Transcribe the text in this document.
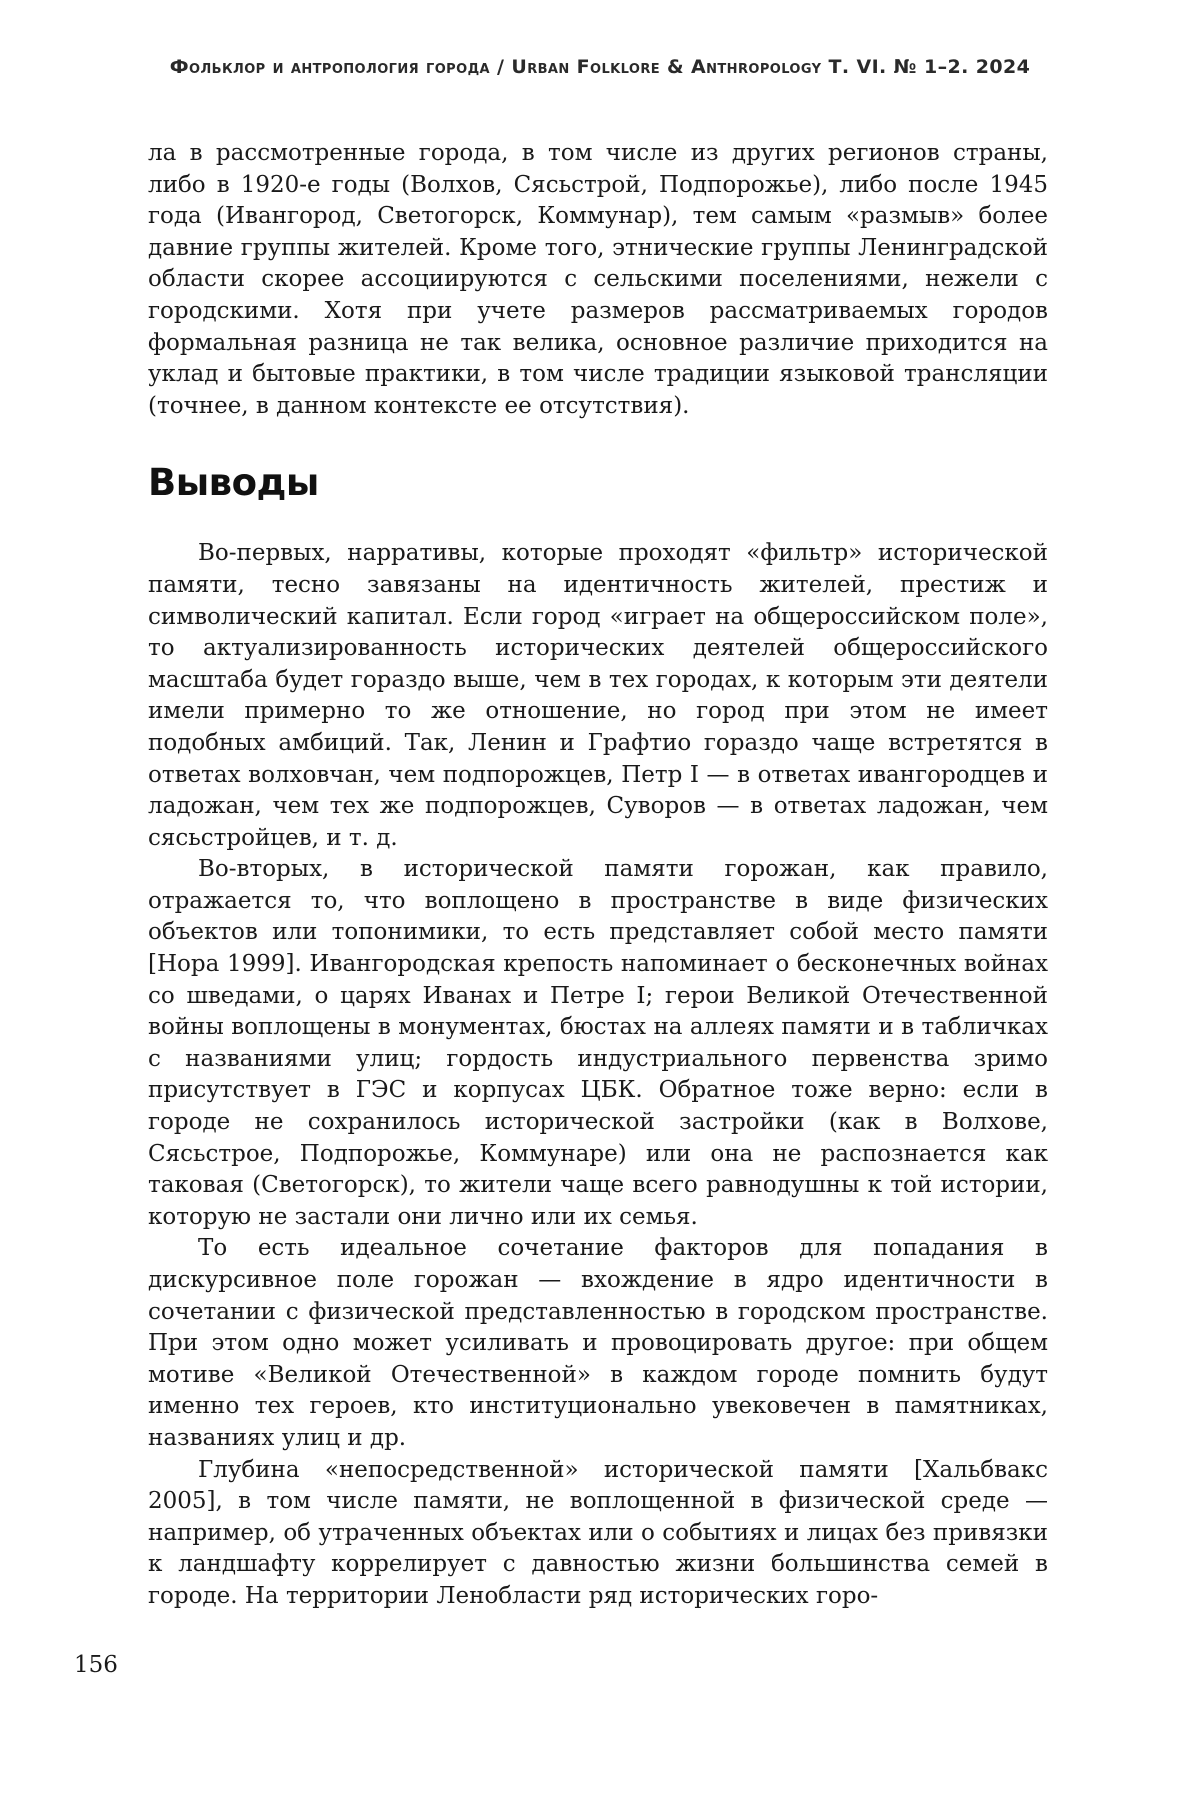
Фольклор и антропология города / Urban Folklore & Anthropology Т. VI. № 1–2. 2024

ла в рассмотренные города, в том числе из других регионов страны, либо в 1920-е годы (Волхов, Сясьстрой, Подпорожье), либо после 1945 года (Ивангород, Светогорск, Коммунар), тем самым «размыв» более давние группы жителей. Кроме того, этнические группы Ленинградской области скорее ассоциируются с сельскими поселениями, нежели с городскими. Хотя при учете размеров рассматриваемых городов формальная разница не так велика, основное различие приходится на уклад и бытовые практики, в том числе традиции языковой трансляции (точнее, в данном контексте ее отсутствия).

Выводы

Во-первых, нарративы, которые проходят «фильтр» исторической памяти, тесно завязаны на идентичность жителей, престиж и символический капитал. Если город «играет на общероссийском поле», то актуализированность исторических деятелей общероссийского масштаба будет гораздо выше, чем в тех городах, к которым эти деятели имели примерно то же отношение, но город при этом не имеет подобных амбиций. Так, Ленин и Графтио гораздо чаще встретятся в ответах волховчан, чем подпорожцев, Петр I — в ответах ивангородцев и ладожан, чем тех же подпорожцев, Суворов — в ответах ладожан, чем сясьстройцев, и т. д.

Во-вторых, в исторической памяти горожан, как правило, отражается то, что воплощено в пространстве в виде физических объектов или топонимики, то есть представляет собой место памяти [Нора 1999]. Ивангородская крепость напоминает о бесконечных войнах со шведами, о царях Иванах и Петре I; герои Великой Отечественной войны воплощены в монументах, бюстах на аллеях памяти и в табличках с названиями улиц; гордость индустриального первенства зримо присутствует в ГЭС и корпусах ЦБК. Обратное тоже верно: если в городе не сохранилось исторической застройки (как в Волхове, Сясьстрое, Подпорожье, Коммунаре) или она не распознается как таковая (Светогорск), то жители чаще всего равнодушны к той истории, которую не застали они лично или их семья.

То есть идеальное сочетание факторов для попадания в дискурсивное поле горожан — вхождение в ядро идентичности в сочетании с физической представленностью в городском пространстве. При этом одно может усиливать и провоцировать другое: при общем мотиве «Великой Отечественной» в каждом городе помнить будут именно тех героев, кто институционально увековечен в памятниках, названиях улиц и др.

Глубина «непосредственной» исторической памяти [Хальбвакс 2005], в том числе памяти, не воплощенной в физической среде — например, об утраченных объектах или о событиях и лицах без привязки к ландшафту коррелирует с давностью жизни большинства семей в городе. На территории Ленобласти ряд исторических горо-

156
